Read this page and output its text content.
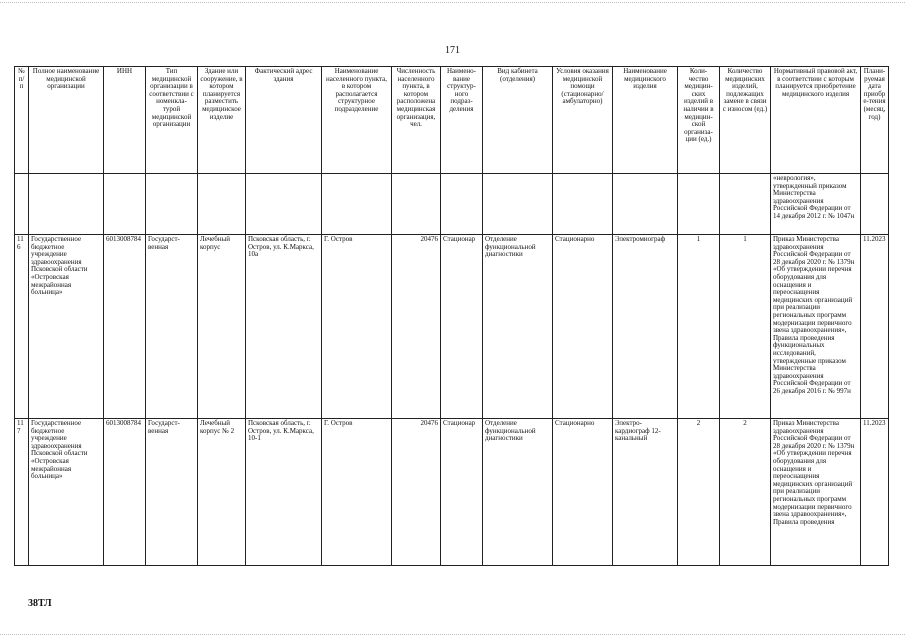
171
№ п/п	Полное наименование медицинской организации	ИНН	Тип медицинской организации в соответствии с номенкла-турой медицинской организации	Здание или сооружение, в котором планируется разместить медицинское изделие	Фактический адрес здания	Наименование населенного пункта, в котором располагается структурное подразделение	Численность населенного пункта, в котором расположена медицинская организация, чел.	Наимено-вание структур-ного подраз-деления	Вид кабинета (отделения)	Условия оказания медицинской помощи (стационарно/ амбулаторно)	Наименование медицинского изделия	Коли-чество медицин-ских изделий в наличии в медицин-ской организа-ции (ед.)	Количество медицинских изделий, подлежащих замене в связи с износом (ед.)	Нормативный правовой акт, в соответствии с которым планируется приобретение медицинского изделия	Плани-руемая дата приобре-тения (месяц, год)
														«неврология», утвержденный приказом Министерства здравоохранения Российской Федерации от 14 декабря 2012 г. № 1047н	
116	Государственное бюджетное учреждение здравоохранения Псковской области «Островская межрайонная больница»	6013008784	Государст-венная	Лечебный корпус	Псковская область, г. Остров, ул. К.Маркса, 10а	Г. Остров	20476	Стационар	Отделение функциональной диагностики	Стационарно	Электромиограф	1	1	Приказ Министерства здравоохранения Российской Федерации от 28 декабря 2020 г. № 1379н «Об утверждении перечня оборудования для оснащения и переоснащения медицинских организаций при реализации региональных программ модернизации первичного звена здравоохранения», Правила проведения функциональных исследований, утвержденные приказом Министерства здравоохранения Российской Федерации от 26 декабря 2016 г. № 997н	11.2023
117	Государственное бюджетное учреждение здравоохранения Псковской области «Островская межрайонная больница»	6013008784	Государст-венная	Лечебный корпус № 2	Псковская область, г. Остров, ул. К.Маркса, 10-1	Г. Остров	20476	Стационар	Отделение функциональной диагностики	Стационарно	Электро-кардиограф 12-канальный	2	2	Приказ Министерства здравоохранения Российской Федерации от 28 декабря 2020 г. № 1379н «Об утверждении перечня оборудования для оснащения и переоснащения медицинских организаций при реализации региональных программ модернизации первичного звена здравоохранения», Правила проведения	11.2023
38ТЛ
